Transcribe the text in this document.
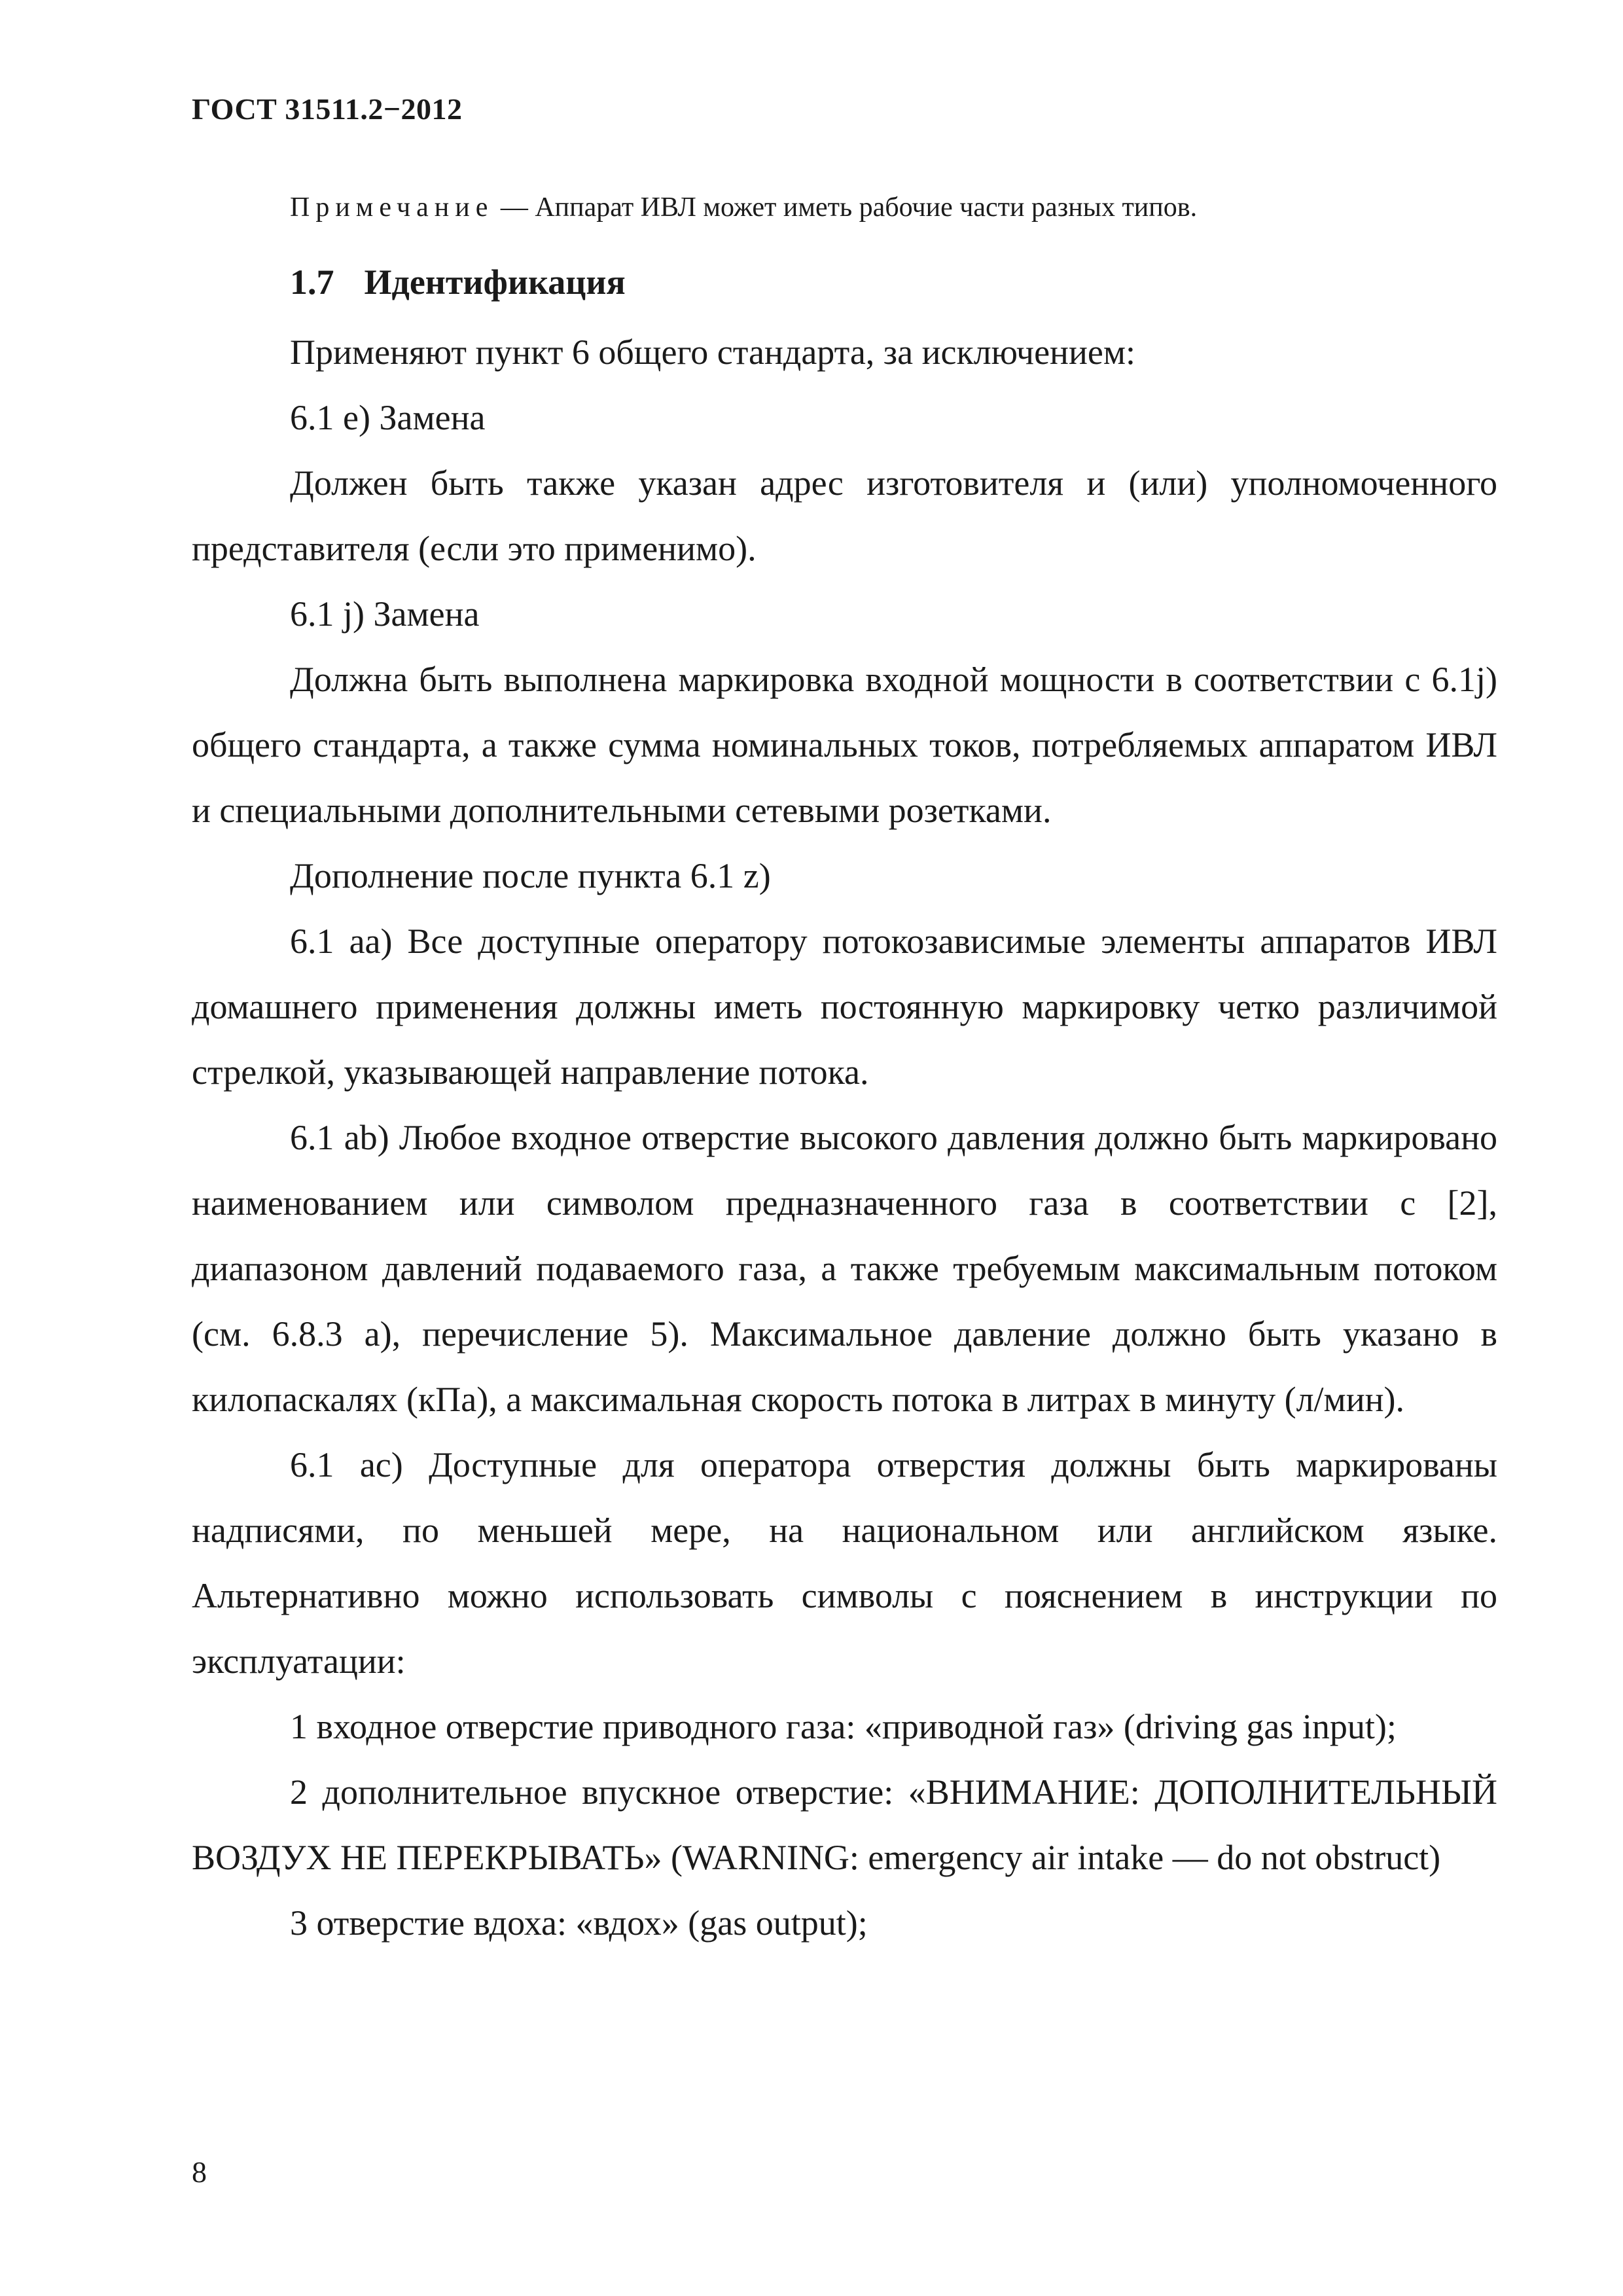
ГОСТ 31511.2−2012
Примечание — Аппарат ИВЛ может иметь рабочие части разных типов.
1.7 Идентификация

Применяют пункт 6 общего стандарта, за исключением:

6.1 е) Замена

Должен быть также указан адрес изготовителя и (или) уполномоченного представителя (если это применимо).

6.1 j) Замена

Должна быть выполнена маркировка входной мощности в соответствии с 6.1j) общего стандарта, а также сумма номинальных токов, потребляемых аппаратом ИВЛ и специальными дополнительными сетевыми розетками.

Дополнение после пункта 6.1 z)

6.1 аа) Все доступные оператору потокозависимые элементы аппаратов ИВЛ домашнего применения должны иметь постоянную маркировку четко различимой стрелкой, указывающей направление потока.

6.1 ab) Любое входное отверстие высокого давления должно быть маркировано наименованием или символом предназначенного газа в соответствии с [2], диапазоном давлений подаваемого газа, а также требуемым максимальным потоком (см. 6.8.3 а), перечисление 5). Максимальное давление должно быть указано в килопаскалях (кПа), а максимальная скорость потока в литрах в минуту (л/мин).

6.1 ас) Доступные для оператора отверстия должны быть маркированы надписями, по меньшей мере, на национальном или английском языке. Альтернативно можно использовать символы с пояснением в инструкции по эксплуатации:

1 входное отверстие приводного газа: «приводной газ» (driving gas input);

2 дополнительное впускное отверстие: «ВНИМАНИЕ: ДОПОЛНИТЕЛЬНЫЙ ВОЗДУХ НЕ ПЕРЕКРЫВАТЬ» (WARNING: emergency air intake — do not obstruct)

3 отверстие вдоха: «вдох» (gas output);

8
